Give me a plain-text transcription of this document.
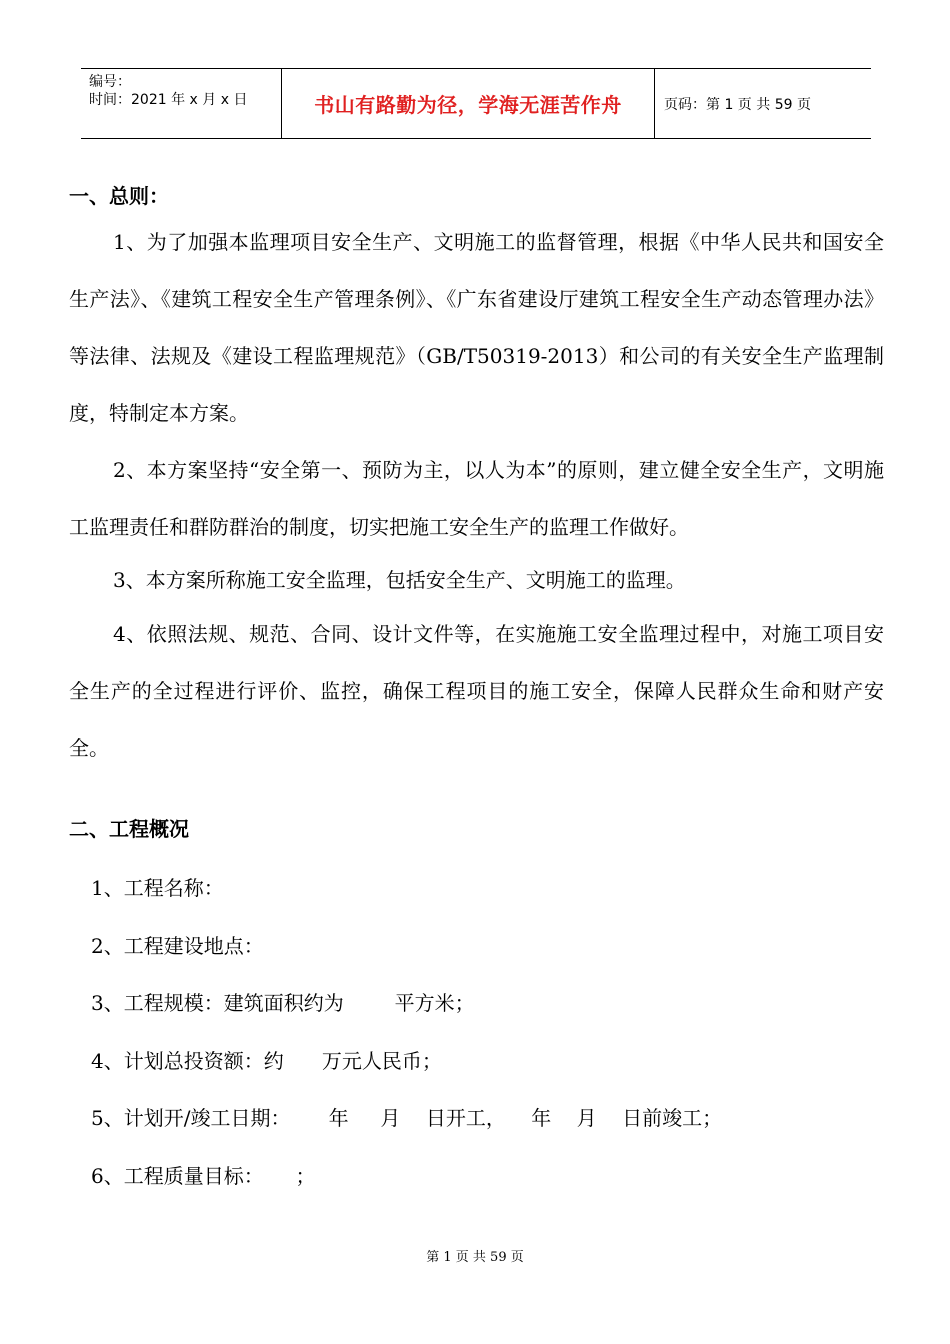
编号：
时间：2021 年 x 月 x 日	书山有路勤为径，学海无涯苦作舟	页码：第 1 页 共 59 页
一、总则：
1、为了加强本监理项目安全生产、文明施工的监督管理，根据《中华人民共和国安全生产法》、《建筑工程安全生产管理条例》、《广东省建设厅建筑工程安全生产动态管理办法》等法律、法规及《建设工程监理规范》（GB/T50319-2013）和公司的有关安全生产监理制度，特制定本方案。
2、本方案坚持“安全第一、预防为主，以人为本”的原则，建立健全安全生产，文明施工监理责任和群防群治的制度，切实把施工安全生产的监理工作做好。
3、本方案所称施工安全监理，包括安全生产、文明施工的监理。
4、依照法规、规范、合同、设计文件等，在实施施工安全监理过程中，对施工项目安全生产的全过程进行评价、监控，确保工程项目的施工安全，保障人民群众生命和财产安全。
二、工程概况
1、工程名称：
2、工程建设地点：
3、工程规模：建筑面积约为        平方米；
4、计划总投资额：约      万元人民币；
5、计划开/竣工日期：      年     月    日开工，    年    月    日前竣工；
6、工程质量目标：     ；
第 1 页 共 59 页
